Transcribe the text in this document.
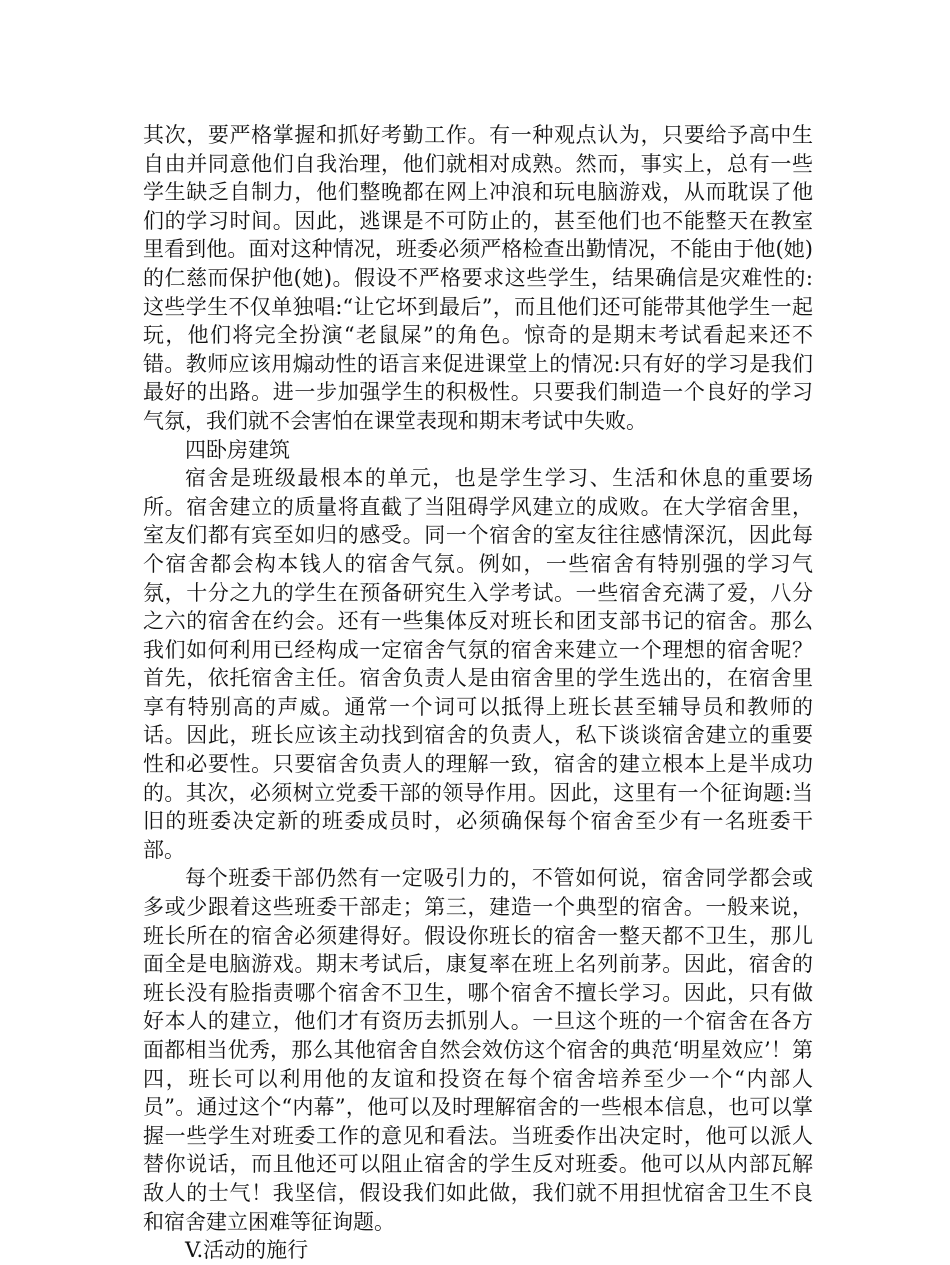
其次，要严格掌握和抓好考勤工作。有一种观点认为，只要给予高中生自由并同意他们自我治理，他们就相对成熟。然而，事实上，总有一些学生缺乏自制力，他们整晚都在网上冲浪和玩电脑游戏，从而耽误了他们的学习时间。因此，逃课是不可防止的，甚至他们也不能整天在教室里看到他。面对这种情况，班委必须严格检查出勤情况，不能由于他(她)的仁慈而保护他(她)。假设不严格要求这些学生，结果确信是灾难性的:这些学生不仅单独唱:“让它坏到最后”，而且他们还可能带其他学生一起玩，他们将完全扮演“老鼠屎”的角色。惊奇的是期末考试看起来还不错。教师应该用煽动性的语言来促进课堂上的情况:只有好的学习是我们最好的出路。进一步加强学生的积极性。只要我们制造一个良好的学习气氛，我们就不会害怕在课堂表现和期末考试中失败。

四卧房建筑

宿舍是班级最根本的单元，也是学生学习、生活和休息的重要场所。宿舍建立的质量将直截了当阻碍学风建立的成败。在大学宿舍里，室友们都有宾至如归的感受。同一个宿舍的室友往往感情深沉，因此每个宿舍都会构本钱人的宿舍气氛。例如，一些宿舍有特别强的学习气氛，十分之九的学生在预备研究生入学考试。一些宿舍充满了爱，八分之六的宿舍在约会。还有一些集体反对班长和团支部书记的宿舍。那么我们如何利用已经构成一定宿舍气氛的宿舍来建立一个理想的宿舍呢？首先，依托宿舍主任。宿舍负责人是由宿舍里的学生选出的，在宿舍里享有特别高的声威。通常一个词可以抵得上班长甚至辅导员和教师的话。因此，班长应该主动找到宿舍的负责人，私下谈谈宿舍建立的重要性和必要性。只要宿舍负责人的理解一致，宿舍的建立根本上是半成功的。其次，必须树立党委干部的领导作用。因此，这里有一个征询题:当旧的班委决定新的班委成员时，必须确保每个宿舍至少有一名班委干部。

每个班委干部仍然有一定吸引力的，不管如何说，宿舍同学都会或多或少跟着这些班委干部走；第三，建造一个典型的宿舍。一般来说，班长所在的宿舍必须建得好。假设你班长的宿舍一整天都不卫生，那儿面全是电脑游戏。期末考试后，康复率在班上名列前茅。因此，宿舍的班长没有脸指责哪个宿舍不卫生，哪个宿舍不擅长学习。因此，只有做好本人的建立，他们才有资历去抓别人。一旦这个班的一个宿舍在各方面都相当优秀，那么其他宿舍自然会效仿这个宿舍的典范‘明星效应’！第四，班长可以利用他的友谊和投资在每个宿舍培养至少一个“内部人员”。通过这个“内幕”，他可以及时理解宿舍的一些根本信息，也可以掌握一些学生对班委工作的意见和看法。当班委作出决定时，他可以派人替你说话，而且他还可以阻止宿舍的学生反对班委。他可以从内部瓦解敌人的士气！我坚信，假设我们如此做，我们就不用担忧宿舍卫生不良和宿舍建立困难等征询题。

V.活动的施行
